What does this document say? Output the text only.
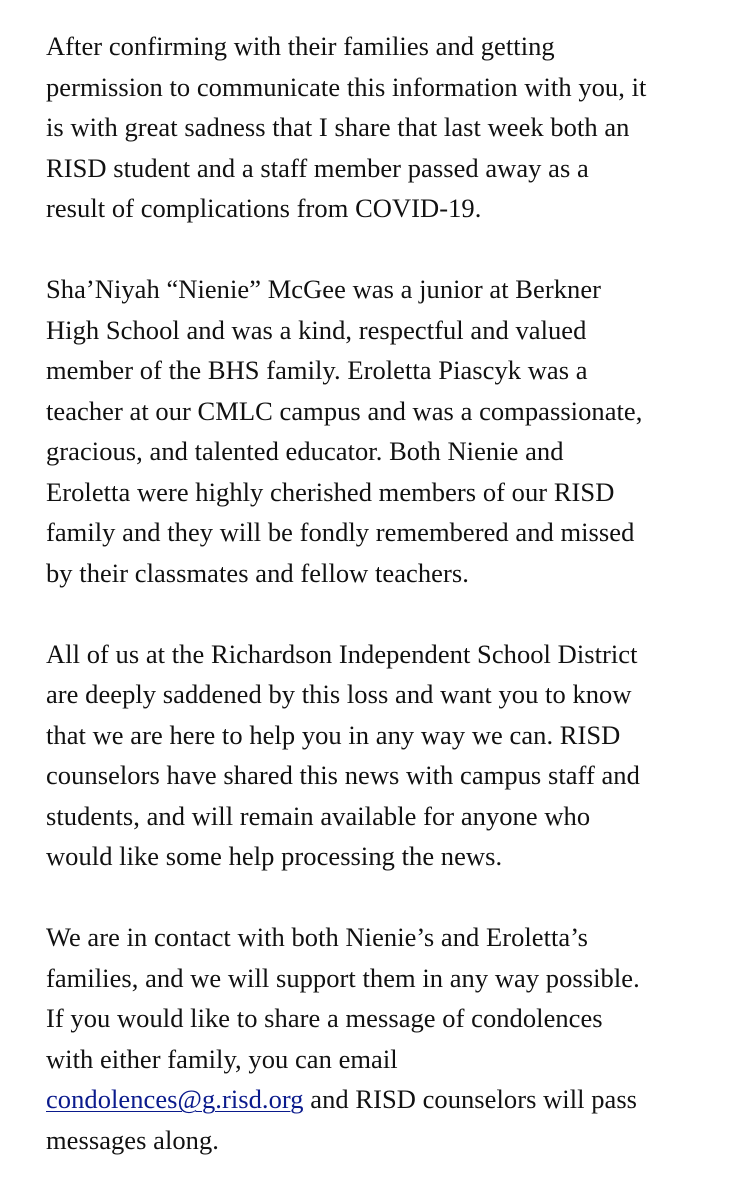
After confirming with their families and getting
permission to communicate this information with you, it
is with great sadness that I share that last week both an
RISD student and a staff member passed away as a
result of complications from COVID-19.

Sha’Niyah “Nienie” McGee was a junior at Berkner
High School and was a kind, respectful and valued
member of the BHS family. Eroletta Piascyk was a
teacher at our CMLC campus and was a compassionate,
gracious, and talented educator. Both Nienie and
Eroletta were highly cherished members of our RISD
family and they will be fondly remembered and missed
by their classmates and fellow teachers.

All of us at the Richardson Independent School District
are deeply saddened by this loss and want you to know
that we are here to help you in any way we can. RISD
counselors have shared this news with campus staff and
students, and will remain available for anyone who
would like some help processing the news.

We are in contact with both Nienie’s and Eroletta’s
families, and we will support them in any way possible.
If you would like to share a message of condolences
with either family, you can email
condolences@g.risd.org and RISD counselors will pass
messages along.
